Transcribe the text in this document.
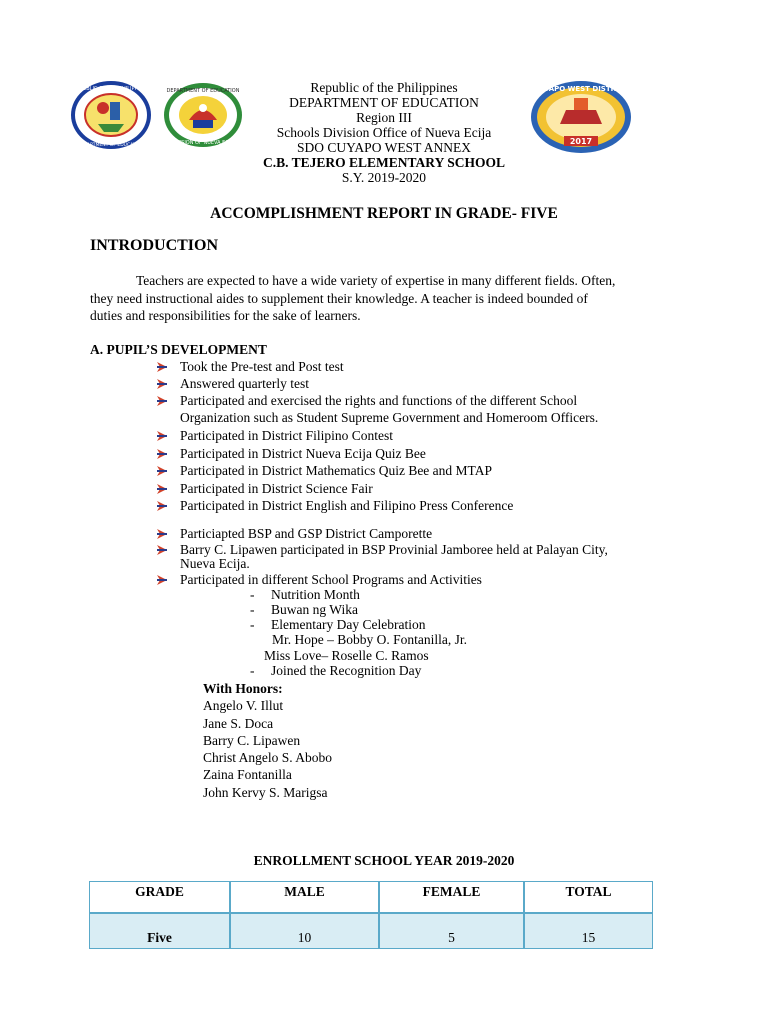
REPUBLIC OF THE PHILIPPINES
DEPARTMENT OF EDUCATION
DEPARTMENT OF EDUCATION
DIVISION OF NUEVA ECIJA	2017
CUYAPO WEST DISTRICT
Republic of the Philippines
DEPARTMENT OF EDUCATION
Region III
Schools Division Office of Nueva Ecija
SDO CUYAPO WEST ANNEX
C.B. TEJERO ELEMENTARY SCHOOL
S.Y. 2019-2020
ACCOMPLISHMENT REPORT IN GRADE- FIVE
INTRODUCTION
Teachers are expected to have a wide variety of expertise in many different fields. Often,
they need instructional aides to supplement their knowledge. A teacher is indeed bounded of
duties and responsibilities for the sake of learners.
A. PUPIL’S DEVELOPMENT
Took the Pre-test and Post test
Answered quarterly test
Participated and exercised the rights and functions of the different School
Organization such as Student Supreme Government and Homeroom Officers.
Participated in District Filipino Contest
Participated in District Nueva Ecija Quiz Bee
Participated in District Mathematics Quiz Bee and MTAP
Participated in District Science Fair
Participated in District English and Filipino Press Conference
Particiapted BSP and GSP District Camporette
Barry C. Lipawen participated in BSP Provinial Jamboree held at Palayan City,
Nueva Ecija.
Participated in different School Programs and Activities
- Nutrition Month
- Buwan ng Wika
- Elementary Day Celebration
Mr. Hope – Bobby O. Fontanilla, Jr.
Miss Love– Roselle C. Ramos
- Joined the Recognition Day
With Honors:
Angelo V. Illut
Jane S. Doca
Barry C. Lipawen
Christ Angelo S. Abobo
Zaina Fontanilla
John Kervy S. Marigsa
ENROLLMENT SCHOOL YEAR 2019-2020
GRADE	MALE	FEMALE	TOTAL
Five	10	5	15
